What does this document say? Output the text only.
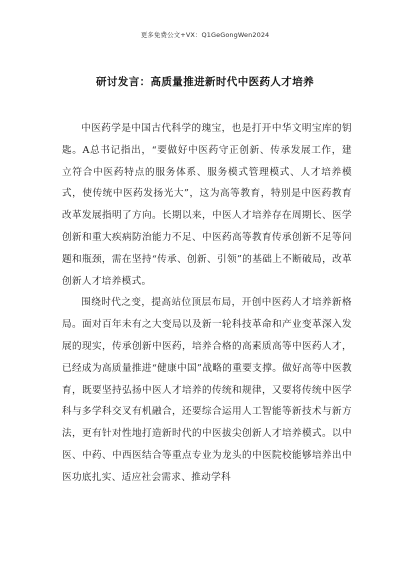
更多免费公文+VX：Q1GeGongWen2024
研讨发言：高质量推进新时代中医药人才培养

中医药学是中国古代科学的瑰宝，也是打开中华文明宝库的钥匙。A总书记指出，“要做好中医药守正创新、传承发展工作，建立符合中医药特点的服务体系、服务模式管理模式、人才培养模式，使传统中医药发扬光大”，这为高等教育，特别是中医药教育改革发展指明了方向。长期以来，中医人才培养存在周期长、医学创新和重大疾病防治能力不足、中医药高等教育传承创新不足等问题和瓶颈，需在坚持“传承、创新、引领”的基础上不断破局，改革创新人才培养模式。

围绕时代之变，提高站位顶层布局，开创中医药人才培养新格局。面对百年未有之大变局以及新一轮科技革命和产业变革深入发展的现实，传承创新中医药，培养合格的高素质高等中医药人才，已经成为高质量推进“健康中国”战略的重要支撑。做好高等中医教育，既要坚持弘扬中医人才培养的传统和规律，又要将传统中医学科与多学科交叉有机融合，还要综合运用人工智能等新技术与新方法，更有针对性地打造新时代的中医拔尖创新人才培养模式。以中医、中药、中西医结合等重点专业为龙头的中医院校能够培养出中医功底扎实、适应社会需求、推动学科
